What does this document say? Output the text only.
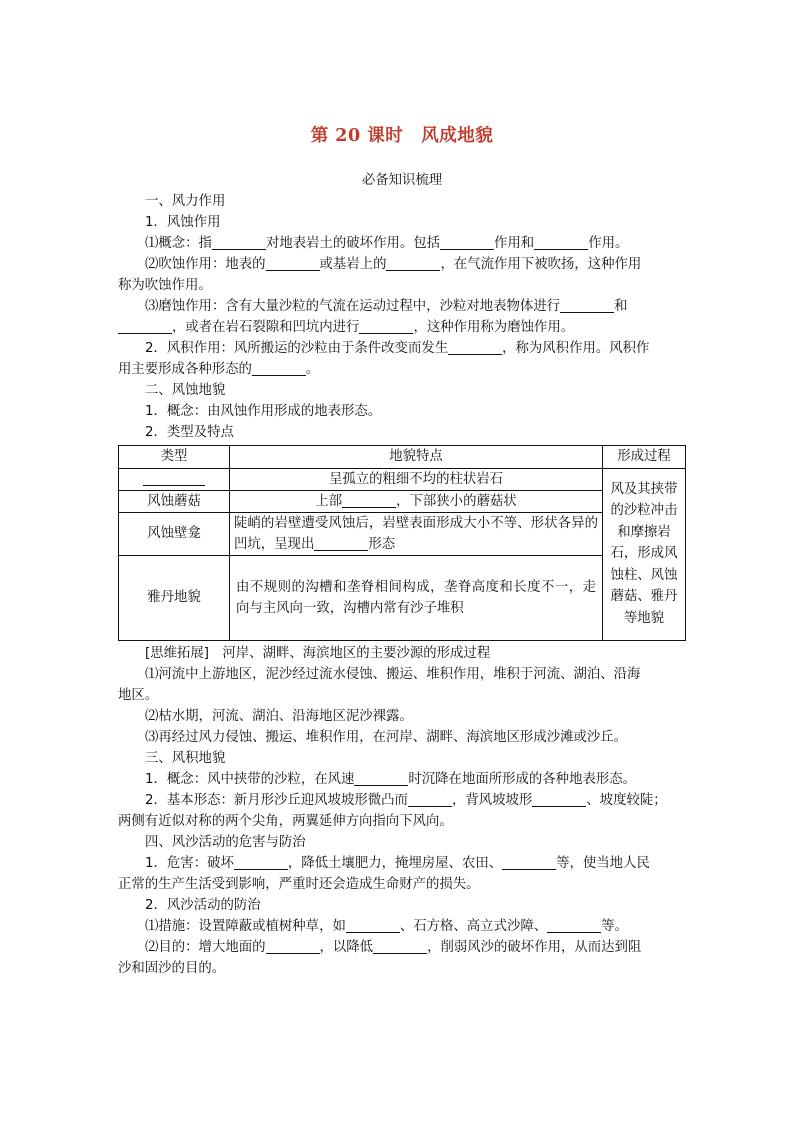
第 20 课时 风成地貌

必备知识梳理

一、风力作用

1．风蚀作用

⑴概念：指	对地表岩土的破坏作用。包括	作用和	作用。

⑵吹蚀作用：地表的	或基岩上的	，在气流作用下被吹扬，这种作用
称为吹蚀作用。

⑶磨蚀作用：含有大量沙粒的气流在运动过程中，沙粒对地表物体进行	和
，或者在岩石裂隙和凹坑内进行	，这种作用称为磨蚀作用。

2．风积作用：风所搬运的沙粒由于条件改变而发生	，称为风积作用。风积作
用主要形成各种形态的	。

二、风蚀地貌

1．概念：由风蚀作用形成的地表形态。

2．类型及特点

类型	地貌特点	形成过程
	呈孤立的粗细不均的柱状岩石	风及其挟带的沙粒冲击和摩擦岩石，形成风蚀柱、风蚀蘑菇、雅丹等地貌
风蚀蘑菇	上部 ，下部狭小的蘑菇状	
风蚀壁龛	陡峭的岩壁遭受风蚀后，岩壁表面形成大小不等、形状各异的凹坑，呈现出 形态	
雅丹地貌	由不规则的沟槽和垄脊相间构成，垄脊高度和长度不一，走向与主风向一致，沟槽内常有沙子堆积	

[思维拓展]　河岸、湖畔、海滨地区的主要沙源的形成过程

⑴河流中上游地区，泥沙经过流水侵蚀、搬运、堆积作用，堆积于河流、湖泊、沿海
地区。

⑵枯水期，河流、湖泊、沿海地区泥沙裸露。

⑶再经过风力侵蚀、搬运、堆积作用，在河岸、湖畔、海滨地区形成沙滩或沙丘。

三、风积地貌

1．概念：风中挟带的沙粒，在风速	时沉降在地面所形成的各种地表形态。

2．基本形态：新月形沙丘迎风坡坡形微凸而	，背风坡坡形	、坡度较陡；
两侧有近似对称的两个尖角，两翼延伸方向指向下风向。

四、风沙活动的危害与防治

1．危害：破坏	，降低土壤肥力，掩埋房屋、农田、	等，使当地人民
正常的生产生活受到影响，严重时还会造成生命财产的损失。

2．风沙活动的防治

⑴措施：设置障蔽或植树种草，如	、石方格、高立式沙障、	等。

⑵目的：增大地面的	，以降低	，削弱风沙的破坏作用，从而达到阻
沙和固沙的目的。
